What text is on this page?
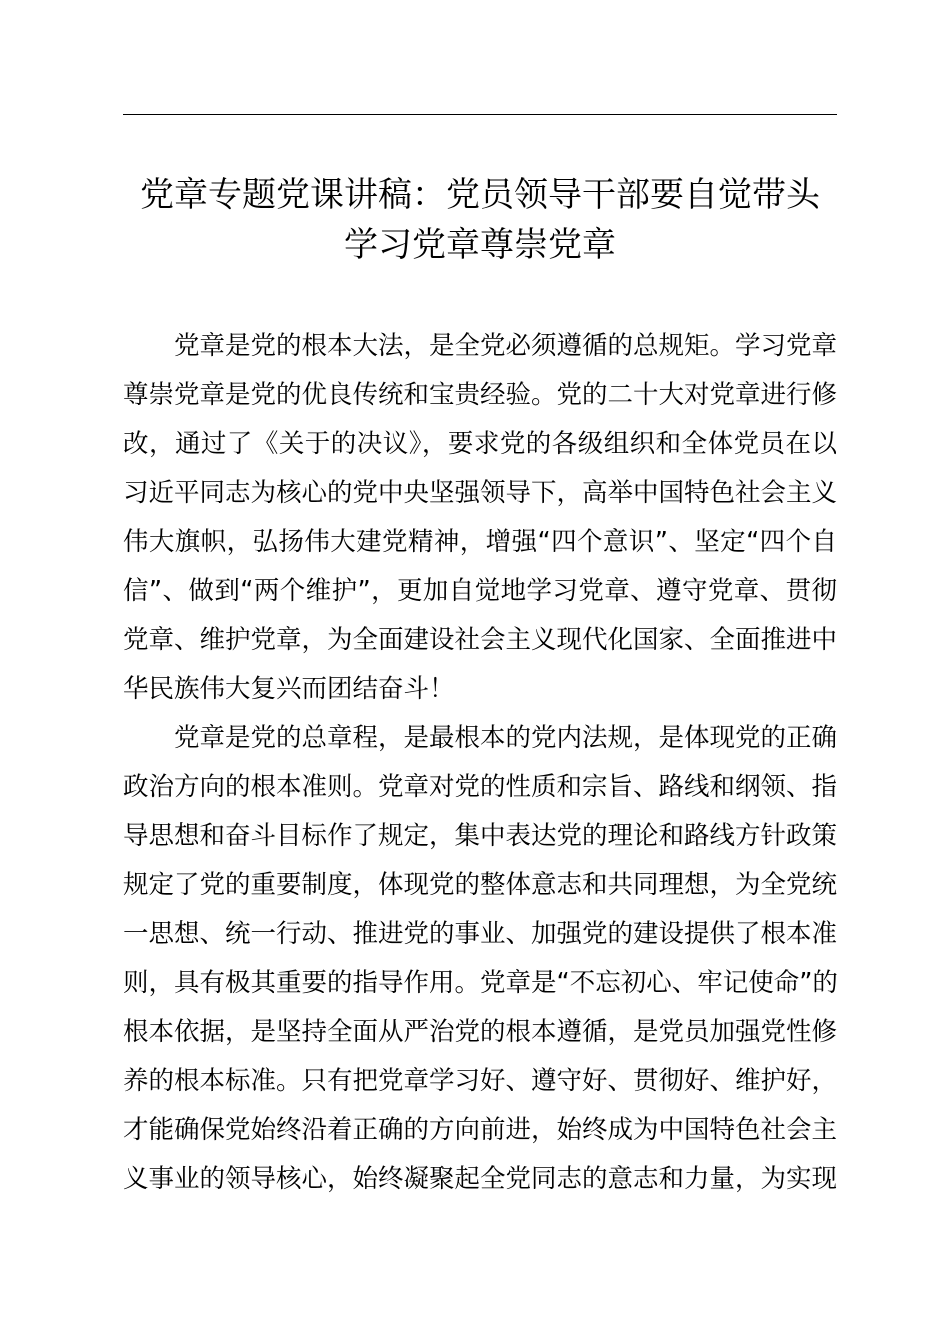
党章专题党课讲稿：党员领导干部要自觉带头
学习党章尊崇党章
党章是党的根本大法，是全党必须遵循的总规矩。学习党章
尊崇党章是党的优良传统和宝贵经验。党的二十大对党章进行修
改，通过了《关于的决议》，要求党的各级组织和全体党员在以
习近平同志为核心的党中央坚强领导下，高举中国特色社会主义
伟大旗帜，弘扬伟大建党精神，增强“四个意识”、坚定“四个自
信”、做到“两个维护”，更加自觉地学习党章、遵守党章、贯彻
党章、维护党章，为全面建设社会主义现代化国家、全面推进中
华民族伟大复兴而团结奋斗！
党章是党的总章程，是最根本的党内法规，是体现党的正确
政治方向的根本准则。党章对党的性质和宗旨、路线和纲领、指
导思想和奋斗目标作了规定，集中表达党的理论和路线方针政策
规定了党的重要制度，体现党的整体意志和共同理想，为全党统
一思想、统一行动、推进党的事业、加强党的建设提供了根本准
则，具有极其重要的指导作用。党章是“不忘初心、牢记使命”的
根本依据，是坚持全面从严治党的根本遵循，是党员加强党性修
养的根本标准。只有把党章学习好、遵守好、贯彻好、维护好，
才能确保党始终沿着正确的方向前进，始终成为中国特色社会主
义事业的领导核心，始终凝聚起全党同志的意志和力量，为实现
